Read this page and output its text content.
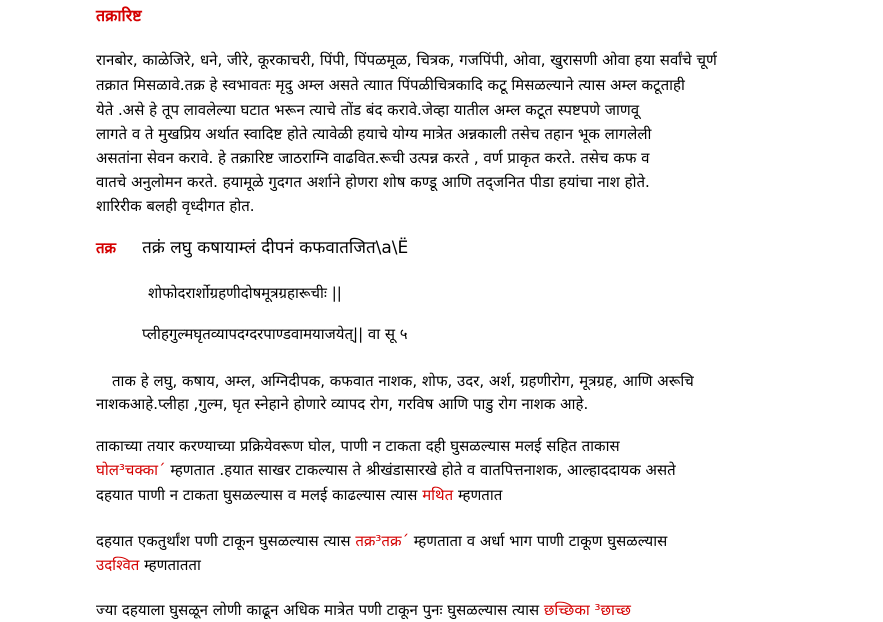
तक्रारिष्ट
रानबोर, काळेजिरे, धने, जीरे, कूरकाचरी, पिंपी, पिंपळमूळ, चित्रक, गजपिंपी, ओवा, खुरासणी ओवा हया सर्वांचे चूर्ण
तक्रात मिसळावे.तक्र हे स्वभावतः मृदु अम्ल असते त्याात पिंपळीचित्रकादि कटू मिसळल्याने त्यास अम्ल कटूताही
येते .असे हे तूप लावलेल्या घटात भरून त्याचे तोंड बंद करावे.जेव्हा यातील अम्ल कटूत स्पष्टपणे जाणवू
लागते व ते मुखप्रिय अर्थात स्वादिष्ट होते त्यावेळी हयाचे योग्य मात्रेत अन्नकाली तसेच तहान भूक लागलेली
असतांना सेवन करावे. हे तक्रारिष्ट जाठराग्नि वाढवित.रूची उत्पन्न करते , वर्ण प्राकृत करते. तसेच कफ व
वातचे अनुलोमन करते. हयामूळे गुदगत अर्शाने होणरा शोष कण्डू आणि तद्जनित पीडा हयांचा नाश होते.
शारिरीक बलही वृध्दीगत होत.
तक्र तक्रं लघु कषायाम्लं दीपनं कफवातजित\a\Ë
शोफोदरार्शोग्रहणीदोषमूत्रग्रहारूचीः ||
प्लीहगुल्मघृतव्यापदग्दरपाण्डवामयाजयेत्|| वा सू ५
ताक हे लघु, कषाय, अम्ल, अग्निदीपक, कफवात नाशक, शोफ, उदर, अर्श, ग्रहणीरोग, मूत्रग्रह, आणि अरूचि
नाशकआहे.प्लीहा ,गुल्म, घृत स्नेहाने होणारे व्यापद रोग, गरविष आणि पाडु रोग नाशक आहे.
ताकाच्या तयार करण्याच्या प्रक्रियेवरूण घोल, पाणी न टाकता दही घुसळल्यास मलई सहित ताकास
घोल³चक्का´ म्हणतात .हयात साखर टाकल्यास ते श्रीखंडासारखे होते व वातपित्तनाशक, आल्हाददायक असते
दहयात पाणी न टाकता घुसळल्यास व मलई काढल्यास त्यास मथित म्हणतात
दहयात एकतुर्थांश पणी टाकून घुसळल्यास त्यास तक्र³तक्र´ म्हणताता व अर्धा भाग पाणी टाकूण घुसळल्यास
उदश्वित म्हणतातता
ज्या दहयाला घुसळून लोणी काढून अधिक मात्रेत पणी टाकून पुनः घुसळल्यास त्यास छच्छिका ³छाच्छ
